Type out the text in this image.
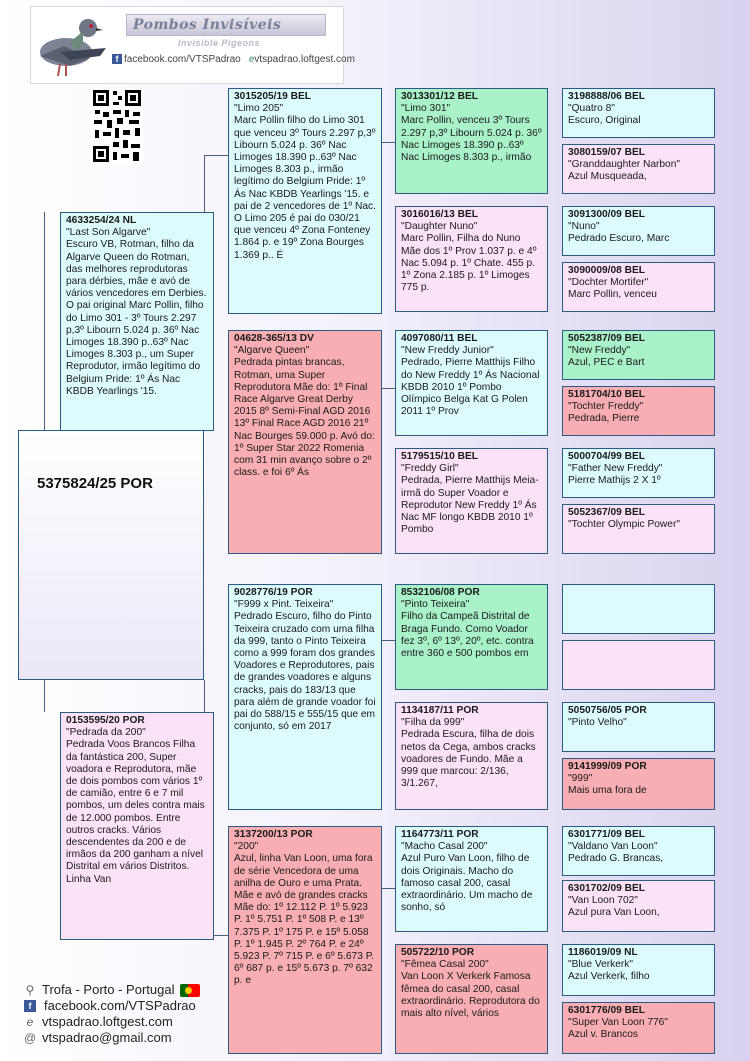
Pombos Invisíveis
Invisible Pigeons
f facebook.com/VTSPadrao evtspadrao.loftgest.com
5375824/25 POR
4633254/24 NL
"Last Son Algarve"
Escuro VB, Rotman, filho da Algarve Queen do Rotman, das melhores reprodutoras para dérbies, mãe e avó de vários vencedores em Derbies. O pai original Marc Pollin, filho do Limo 301 - 3º Tours 2.297 p,3º Libourn 5.024 p. 36º Nac Limoges 18.390 p..63º Nac Limoges 8.303 p., um Super Reprodutor, irmão legítimo do Belgium Pride: 1º Ás Nac KBDB Yearlings '15.
0153595/20 POR
"Pedrada da 200"
Pedrada Voos Brancos Filha da fantástica 200, Super voadora e Reprodutora, mãe de dois pombos com vários 1º de camião, entre 6 e 7 mil pombos, um deles contra mais de 12.000 pombos. Entre outros cracks. Vários descendentes da 200 e de irmãos da 200 ganham a nível Distrital em vários Distritos. Linha Van
3015205/19 BEL
"Limo 205"
Marc Pollin filho do Limo 301 que venceu 3º Tours 2.297 p,3º Libourn 5.024 p. 36º Nac Limoges 18.390 p..63º Nac Limoges 8.303 p., irmão legítimo do Belgium Pride: 1º Ás Nac KBDB Yearlings '15. e pai de 2 vencedores de 1º Nac. O Limo 205 é pai do 030/21 que venceu 4º Zona Fonteney 1.864 p. e 19º Zona Bourges 1.369 p.. É
04628-365/13 DV
"Algarve Queen"
Pedrada pintas brancas, Rotman, uma Super Reprodutora Mãe do: 1º Final Race Algarve Great Derby 2015 8º Semi-Final AGD 2016 13º Final Race AGD 2016 21º Nac Bourges 59.000 p. Avó do: 1º Super Star 2022 Romenia com 31 min avanço sobre o 2º class. e foi 6º Ás
9028776/19 POR
"F999 x Pint. Teixeira"
Pedrado Escuro, filho do Pinto Teixeira cruzado com uma filha da 999, tanto o Pinto Teixeira como a 999 foram dos grandes Voadores e Reprodutores, pais de grandes voadores e alguns cracks, pais do 183/13 que para além de grande voador foi pai do 588/15 e 555/15 que em conjunto, só em 2017
3137200/13 POR
"200"
Azul, linha Van Loon, uma fora de série Vencedora de uma anilha de Ouro e uma Prata. Mãe e avó de grandes cracks Mãe do: 1º 12.112 P. 1º 5.923 P. 1º 5.751 P. 1º 508 P. e 13º 7.375 P. 1º 175 P. e 15º 5.058 P. 1º 1.945 P. 2º 764 P. e 24º 5.923 P. 7º 715 P. e 6º 5.673 P. 6º 687 p. e 15º 5.673 p. 7º 632 p. e
3013301/12 BEL
"Limo 301"
Marc Pollin, venceu 3º Tours 2.297 p,3º Libourn 5.024 p. 36º Nac Limoges 18.390 p..63º Nac Limoges 8.303 p., irmão
3016016/13 BEL
"Daughter Nuno"
Marc Pollin, Filha do Nuno Mãe dos 1º Prov 1.037 p. e 4º Nac 5.094 p. 1º Chate. 455 p. 1º Zona 2.185 p. 1º Limoges 775 p.
4097080/11 BEL
"New Freddy Junior"
Pedrado, Pierre Matthijs Filho do New Freddy 1º Ás Nacional KBDB 2010 1º Pombo Olímpico Belga Kat G Polen 2011 1º Prov
5179515/10 BEL
"Freddy Girl"
Pedrada, Pierre Matthijs Meia-irmã do Super Voador e Reprodutor New Freddy 1º Ás Nac MF longo KBDB 2010 1º Pombo
8532106/08 POR
"Pinto Teixeira"
Filho da Campeã Distrital de Braga Fundo. Como Voador fez 3º, 6º 13º, 20º, etc. contra entre 360 e 500 pombos em
1134187/11 POR
"Filha da 999"
Pedrada Escura, filha de dois netos da Cega, ambos cracks voadores de Fundo. Mãe a 999 que marcou: 2/136, 3/1.267,
1164773/11 POR
"Macho Casal 200"
Azul Puro Van Loon, filho de dois Originais. Macho do famoso casal 200, casal extraordinário. Um macho de sonho, só
505722/10 POR
"Fêmea Casal 200"
Van Loon X Verkerk Famosa fêmea do casal 200, casal extraordinário. Reprodutora do mais alto nível, vários
3198888/06 BEL
"Quatro 8"
Escuro, Original
3080159/07 BEL
"Granddaughter Narbon"
Azul Musqueada,
3091300/09 BEL
"Nuno"
Pedrado Escuro, Marc
3090009/08 BEL
"Dochter Mortifer"
Marc Pollin, venceu
5052387/09 BEL
"New Freddy"
Azul, PEC e Bart
5181704/10 BEL
"Tochter Freddy"
Pedrada, Pierre
5000704/99 BEL
"Father New Freddy"
Pierre Mathijs 2 X 1º
5052367/09 BEL
"Tochter Olympic Power"
5050756/05 POR
"Pinto Velho"
9141999/09 POR
"999"
Mais uma fora de
6301771/09 BEL
"Valdano Van Loon"
Pedrado G. Brancas,
6301702/09 BEL
"Van Loon 702"
Azul pura Van Loon,
1186019/09 NL
"Blue Verkerk"
Azul Verkerk, filho
6301776/09 BEL
"Super Van Loon 776"
Azul v. Brancos
⚲ Trofa - Porto - Portugal
f facebook.com/VTSPadrao
e vtspadrao.loftgest.com
@ vtspadrao@gmail.com
